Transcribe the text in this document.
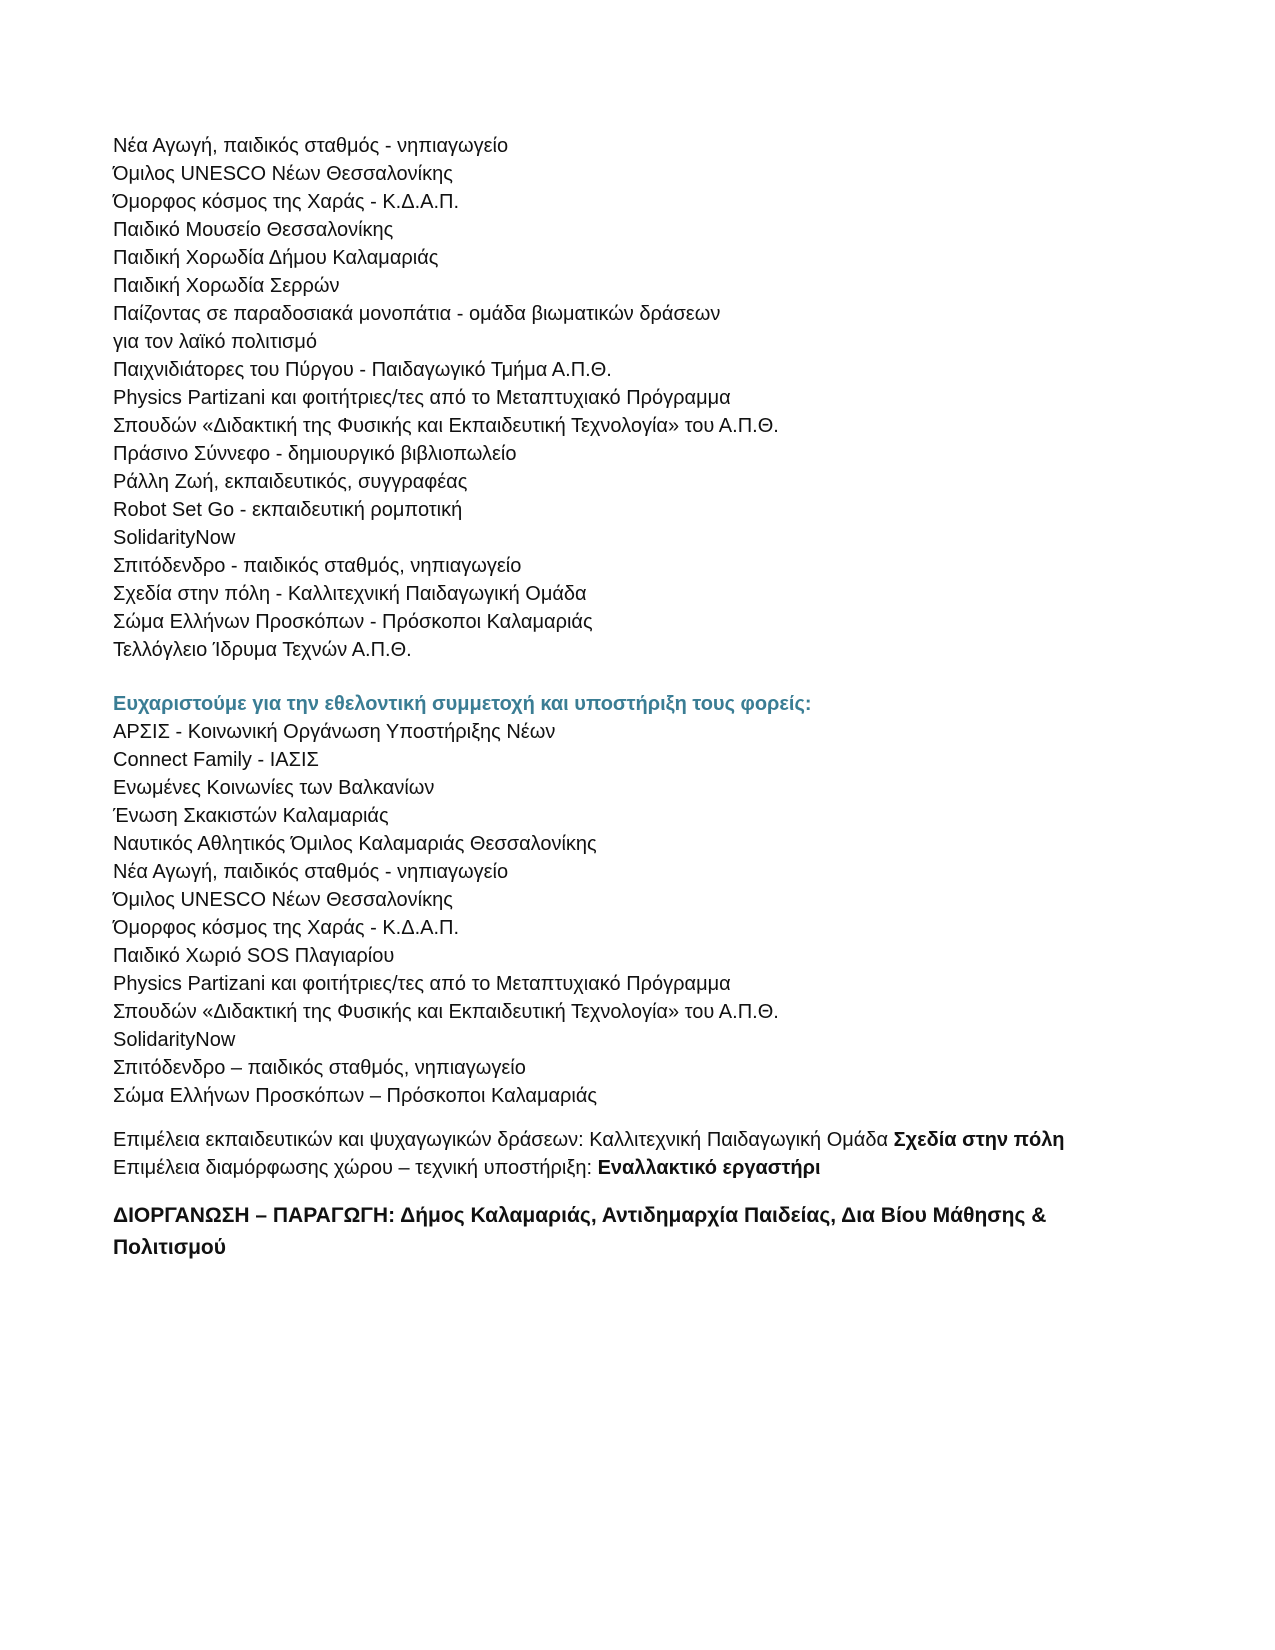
Νέα Αγωγή, παιδικός σταθμός - νηπιαγωγείο
Όμιλος UNESCO Νέων Θεσσαλονίκης
Όμορφος κόσμος της Χαράς - Κ.Δ.Α.Π.
Παιδικό Μουσείο Θεσσαλονίκης
Παιδική Χορωδία Δήμου Καλαμαριάς
Παιδική Χορωδία Σερρών
Παίζοντας σε παραδοσιακά μονοπάτια - ομάδα βιωματικών δράσεων
για τον λαϊκό πολιτισμό
Παιχνιδιάτορες του Πύργου - Παιδαγωγικό Τμήμα Α.Π.Θ.
Physics Partizani και φοιτήτριες/τες από το Μεταπτυχιακό Πρόγραμμα
Σπουδών «Διδακτική της Φυσικής και Εκπαιδευτική Τεχνολογία» του Α.Π.Θ.
Πράσινο Σύννεφο - δημιουργικό βιβλιοπωλείο
Ράλλη Ζωή, εκπαιδευτικός, συγγραφέας
Robot Set Go - εκπαιδευτική ρομποτική
SolidarityNow
Σπιτόδενδρο - παιδικός σταθμός, νηπιαγωγείο
Σχεδία στην πόλη - Καλλιτεχνική Παιδαγωγική Ομάδα
Σώμα Ελλήνων Προσκόπων - Πρόσκοποι Καλαμαριάς
Τελλόγλειο Ίδρυμα Τεχνών Α.Π.Θ.
Ευχαριστούμε για την εθελοντική συμμετοχή και υποστήριξη τους φορείς:
ΑΡΣΙΣ - Κοινωνική Οργάνωση Υποστήριξης Νέων
Connect Family - ΙΑΣΙΣ
Ενωμένες Κοινωνίες των Βαλκανίων
Ένωση Σκακιστών Καλαμαριάς
Ναυτικός Αθλητικός Όμιλος Καλαμαριάς Θεσσαλονίκης
Νέα Αγωγή, παιδικός σταθμός - νηπιαγωγείο
Όμιλος UNESCO Νέων Θεσσαλονίκης
Όμορφος κόσμος της Χαράς - Κ.Δ.Α.Π.
Παιδικό Χωριό SOS Πλαγιαρίου
Physics Partizani και φοιτήτριες/τες από το Μεταπτυχιακό Πρόγραμμα
Σπουδών «Διδακτική της Φυσικής και Εκπαιδευτική Τεχνολογία» του Α.Π.Θ.
SolidarityNow
Σπιτόδενδρο – παιδικός σταθμός, νηπιαγωγείο
Σώμα Ελλήνων Προσκόπων – Πρόσκοποι Καλαμαριάς
Επιμέλεια εκπαιδευτικών και ψυχαγωγικών δράσεων: Καλλιτεχνική Παιδαγωγική Ομάδα Σχεδία στην πόλη
Επιμέλεια διαμόρφωσης χώρου – τεχνική υποστήριξη: Εναλλακτικό εργαστήρι
ΔΙΟΡΓΑΝΩΣΗ – ΠΑΡΑΓΩΓΗ: Δήμος Καλαμαριάς, Αντιδημαρχία Παιδείας, Δια Βίου Μάθησης & Πολιτισμού
